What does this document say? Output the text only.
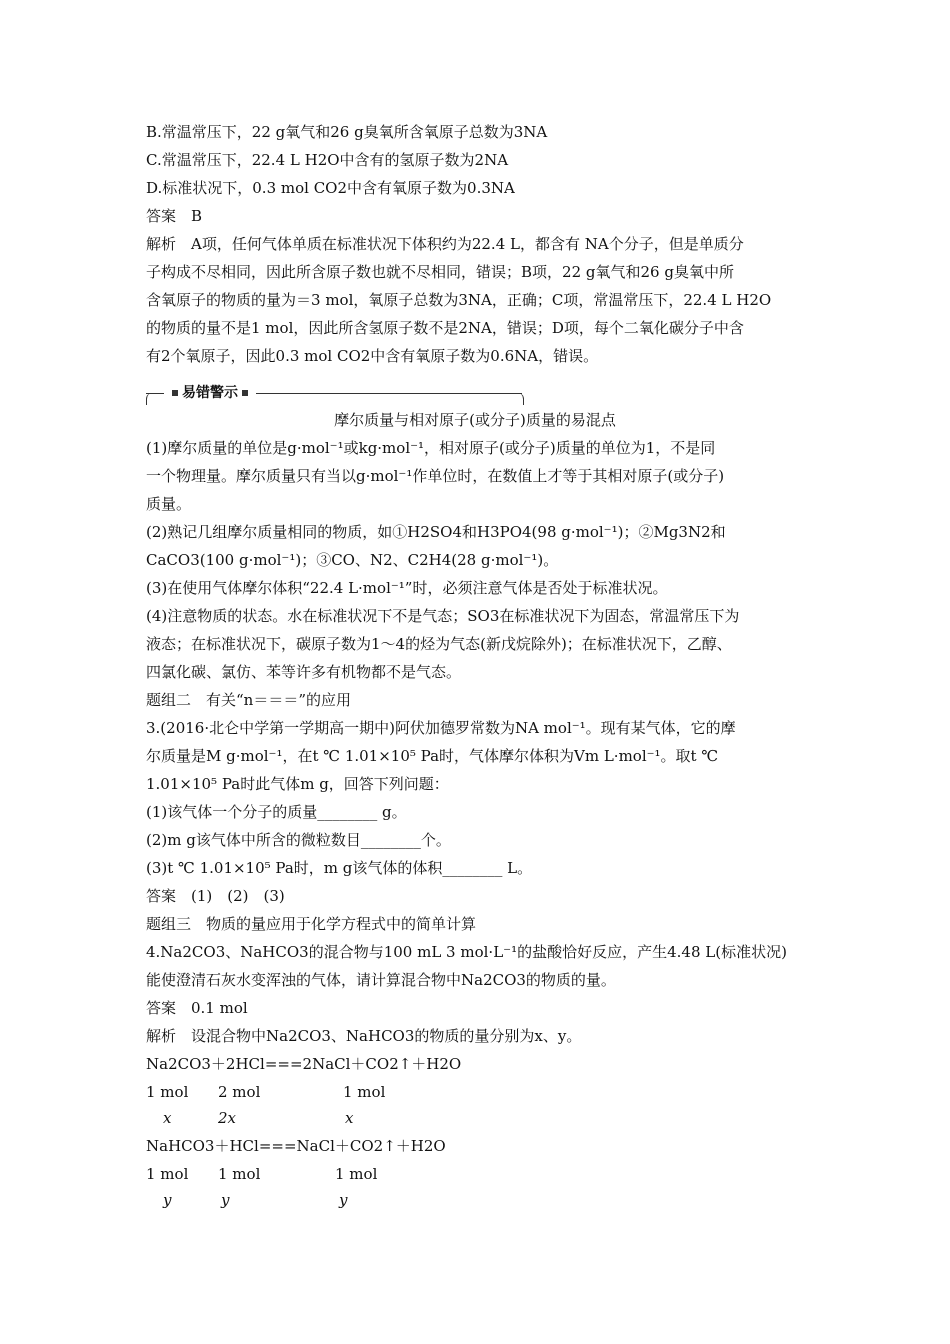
B.常温常压下，22 g氧气和26 g臭氧所含氧原子总数为3NA
C.常温常压下，22.4 L H2O中含有的氢原子数为2NA
D.标准状况下，0.3 mol CO2中含有氧原子数为0.3NA
答案　B
解析　A项，任何气体单质在标准状况下体积约为22.4 L，都含有 NA个分子，但是单质分
子构成不尽相同，因此所含原子数也就不尽相同，错误；B项，22 g氧气和26 g臭氧中所
含氧原子的物质的量为＝3 mol，氧原子总数为3NA，正确；C项，常温常压下，22.4 L H2O
的物质的量不是1 mol，因此所含氢原子数不是2NA，错误；D项，每个二氧化碳分子中含
有2个氧原子，因此0.3 mol CO2中含有氧原子数为0.6NA，错误。
易错警示
摩尔质量与相对原子(或分子)质量的易混点
(1)摩尔质量的单位是g·mol⁻¹或kg·mol⁻¹，相对原子(或分子)质量的单位为1，不是同
一个物理量。摩尔质量只有当以g·mol⁻¹作单位时，在数值上才等于其相对原子(或分子)
质量。
(2)熟记几组摩尔质量相同的物质，如①H2SO4和H3PO4(98 g·mol⁻¹)；②Mg3N2和
CaCO3(100 g·mol⁻¹)；③CO、N2、C2H4(28 g·mol⁻¹)。
(3)在使用气体摩尔体积“22.4 L·mol⁻¹”时，必须注意气体是否处于标准状况。
(4)注意物质的状态。水在标准状况下不是气态；SO3在标准状况下为固态，常温常压下为
液态；在标准状况下，碳原子数为1～4的烃为气态(新戊烷除外)；在标准状况下，乙醇、
四氯化碳、氯仿、苯等许多有机物都不是气态。
题组二　有关“n＝＝＝”的应用
3.(2016·北仑中学第一学期高一期中)阿伏加德罗常数为NA mol⁻¹。现有某气体，它的摩
尔质量是M g·mol⁻¹，在t ℃ 1.01×10⁵ Pa时，气体摩尔体积为Vm L·mol⁻¹。取t ℃
1.01×10⁵ Pa时此气体m g，回答下列问题：
(1)该气体一个分子的质量________ g。
(2)m g该气体中所含的微粒数目________个。
(3)t ℃ 1.01×10⁵ Pa时，m g该气体的体积________ L。
答案　(1)　(2)　(3)
题组三　物质的量应用于化学方程式中的简单计算
4.Na2CO3、NaHCO3的混合物与100 mL 3 mol·L⁻¹的盐酸恰好反应，产生4.48 L(标准状况)
能使澄清石灰水变浑浊的气体，请计算混合物中Na2CO3的物质的量。
答案　0.1 mol
解析　设混合物中Na2CO3、NaHCO3的物质的量分别为x、y。
Na2CO3＋2HCl===2NaCl＋CO2↑＋H2O
1 mol 2 mol	1 mol
x	2x	x
NaHCO3＋HCl===NaCl＋CO2↑＋H2O
1 mol 1 mol	1 mol
y	y	y
